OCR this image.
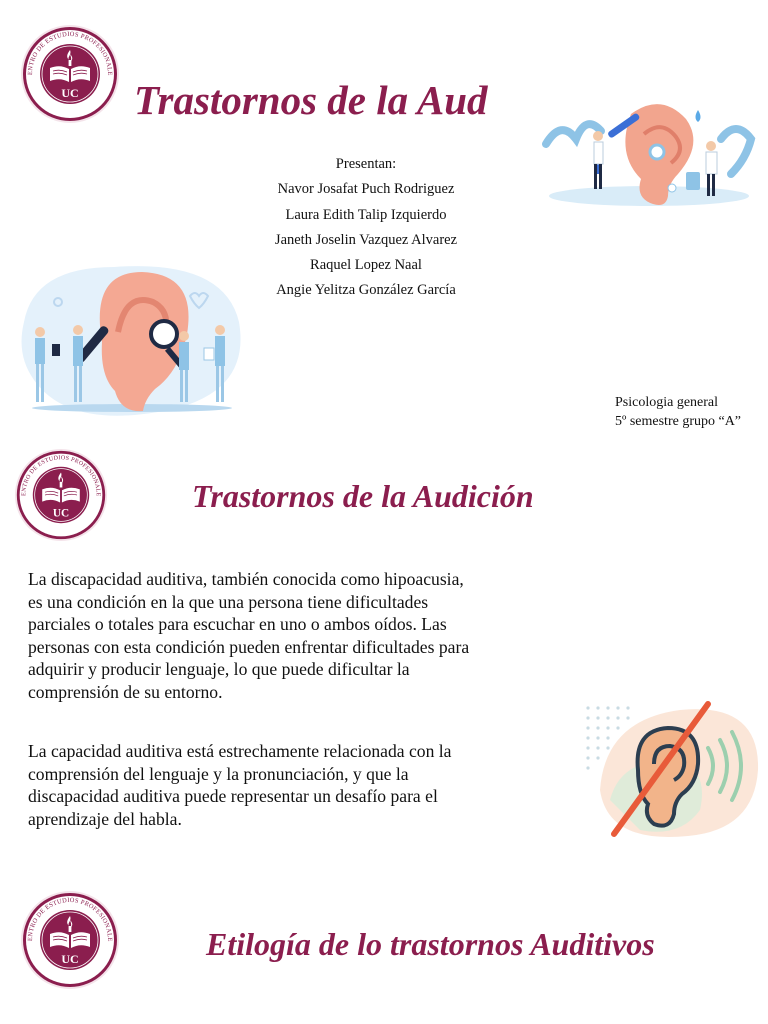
ENTRO DE ESTUDIOS PROFESIONALE
Trastornos de la Aud
Presentan:
Navor Josafat Puch Rodriguez
Laura Edith Talip Izquierdo
Janeth Joselin Vazquez Alvarez
Raquel Lopez Naal
Angie Yelitza González García
Psicologia general
5º semestre grupo “A”
ENTRO DE ESTUDIOS PROFESIONALE	Trastornos de la Audición
La discapacidad auditiva, también conocida como hipoacusia,
es una condición en la que una persona tiene dificultades
parciales o totales para escuchar en uno o ambos oídos. Las
personas con esta condición pueden enfrentar dificultades para
adquirir y producir lenguaje, lo que puede dificultar la
comprensión de su entorno.
La capacidad auditiva está estrechamente relacionada con la
comprensión del lenguaje y la pronunciación, y que la
discapacidad auditiva puede representar un desafío para el
aprendizaje del habla.
ENTRO DE ESTUDIOS PROFESIONALE	Etilogía de lo trastornos Auditivos
